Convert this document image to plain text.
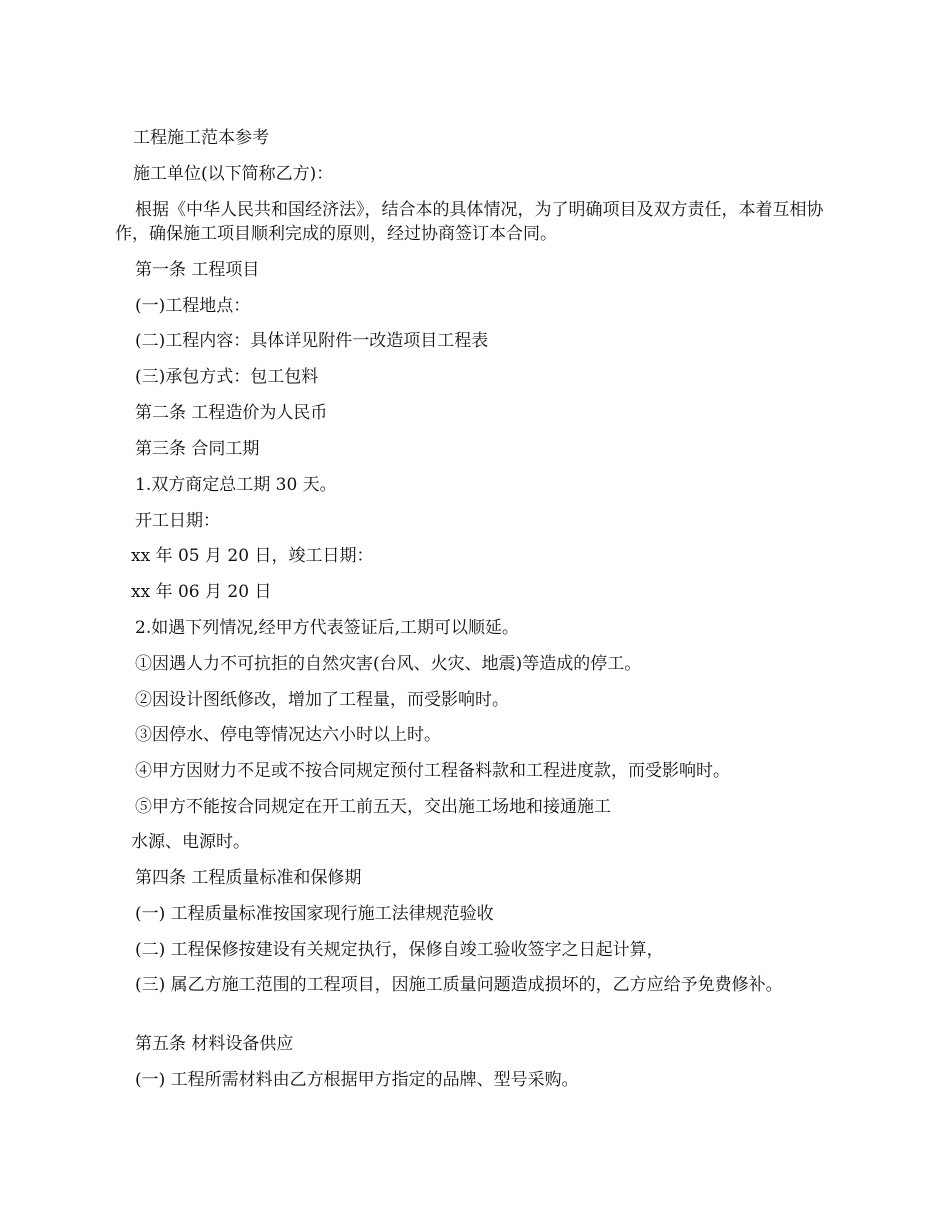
工程施工范本参考
施工单位(以下简称乙方)：
根据《中华人民共和国经济法》，结合本的具体情况，为了明确项目及双方责任，本着互相协作，确保施工项目顺利完成的原则，经过协商签订本合同。
第一条 工程项目
(一)工程地点：
(二)工程内容：具体详见附件一改造项目工程表
(三)承包方式：包工包料
第二条 工程造价为人民币
第三条 合同工期
1.双方商定总工期 30 天。
开工日期：
xx 年 05 月 20 日，竣工日期：
xx 年 06 月 20 日
2.如遇下列情况,经甲方代表签证后,工期可以顺延。
①因遇人力不可抗拒的自然灾害(台风、火灾、地震)等造成的停工。
②因设计图纸修改，增加了工程量，而受影响时。
③因停水、停电等情况达六小时以上时。
④甲方因财力不足或不按合同规定预付工程备料款和工程进度款，而受影响时。
⑤甲方不能按合同规定在开工前五天，交出施工场地和接通施工
水源、电源时。
第四条 工程质量标准和保修期
(一) 工程质量标准按国家现行施工法律规范验收
(二) 工程保修按建设有关规定执行，保修自竣工验收签字之日起计算，
(三) 属乙方施工范围的工程项目，因施工质量问题造成损坏的，乙方应给予免费修补。
第五条 材料设备供应
(一) 工程所需材料由乙方根据甲方指定的品牌、型号采购。
